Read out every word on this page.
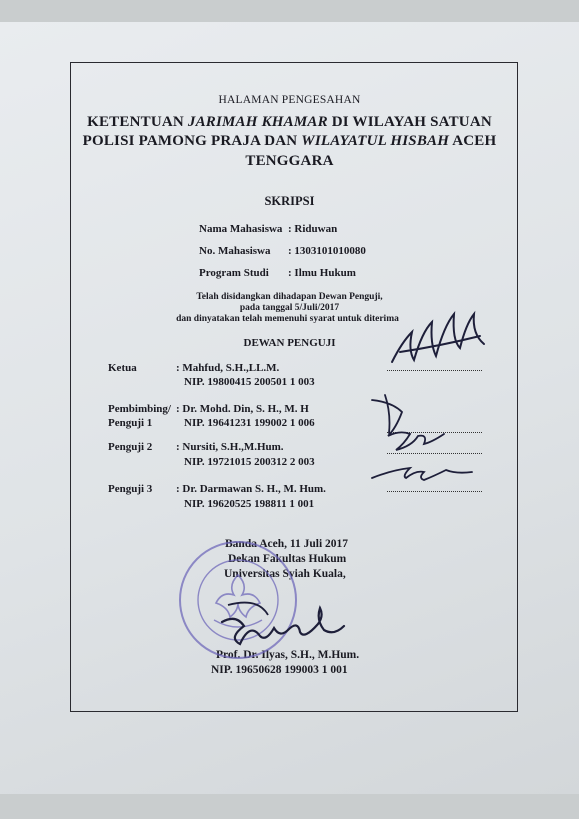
HALAMAN PENGESAHAN
KETENTUAN JARIMAH KHAMAR DI WILAYAH SATUAN
POLISI PAMONG PRAJA DAN WILAYATUL HISBAH ACEH
TENGGARA
SKRIPSI
Nama Mahasiswa : Riduwan
No. Mahasiswa : 1303101010080
Program Studi : Ilmu Hukum
Telah disidangkan dihadapan Dewan Penguji,
pada tanggal 5/Juli/2017
dan dinyatakan telah memenuhi syarat untuk diterima
DEWAN PENGUJI
Ketua	: Mahfud, S.H.,LL.M.
NIP. 19800415 200501 1 003
Pembimbing/
Penguji 1
: Dr. Mohd. Din, S. H., M. H
NIP. 19641231 199002 1 006
Penguji 2 : Nursiti, S.H.,M.Hum.
NIP. 19721015 200312 2 003
Penguji 3 : Dr. Darmawan S. H., M. Hum.
NIP. 19620525 198811 1 001
Banda Aceh, 11 Juli 2017
Dekan Fakultas Hukum
Universitas Syiah Kuala,
Prof. Dr. Ilyas, S.H., M.Hum.
NIP. 19650628 199003 1 001
